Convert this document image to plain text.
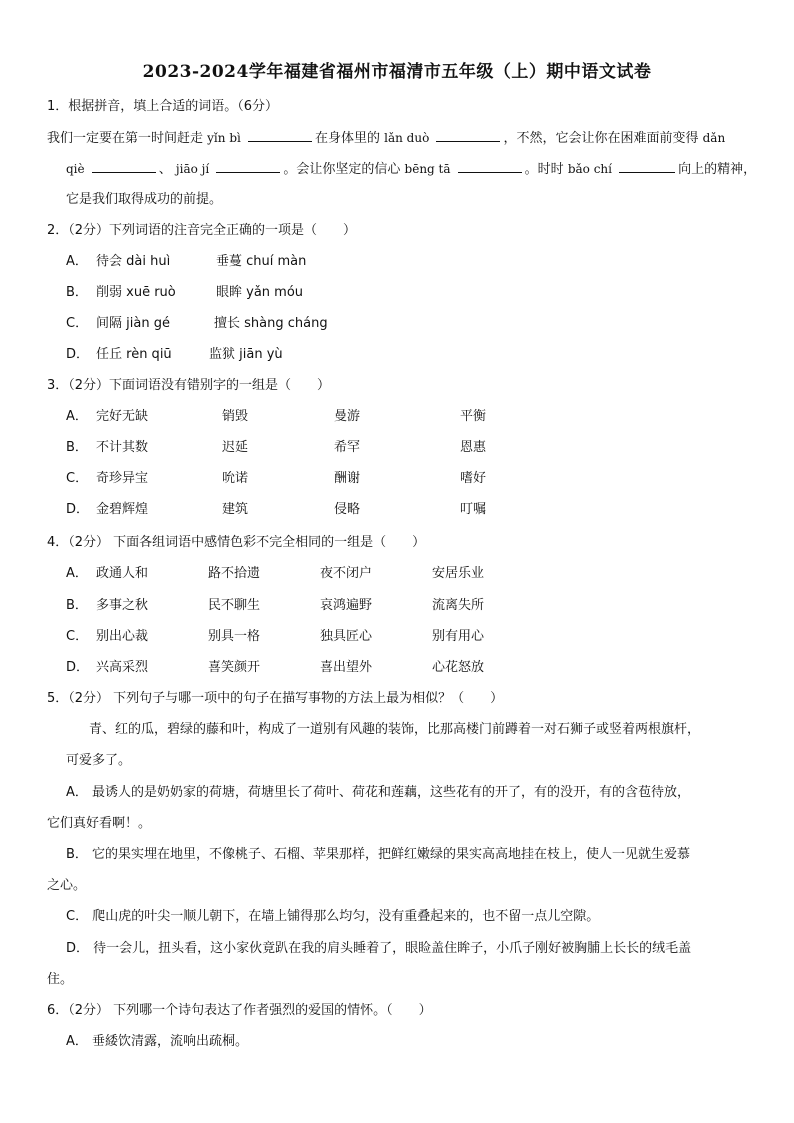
2023-2024学年福建省福州市福清市五年级（上）期中语文试卷
1．根据拼音，填上合适的词语。（6分）
我们一定要在第一时间赶走 yǐn bì	在身体里的 lǎn duò	，不然，它会让你在困难面前变得 dǎn
qiè	、 jiāo jí	。会让你坚定的信心 bēng tā	。时时 bǎo chí	向上的精神，
它是我们取得成功的前提。
2．（2分）下列词语的注音完全正确的一项是（　　）
A． 待会 dài huì	垂蔓 chuí màn
B． 削弱 xuē ruò	眼眸 yǎn móu
C． 间隔 jiàn gé	擅长 shàng cháng
D． 任丘 rèn qiū	监狱 jiān yù
3．（2分）下面词语没有错别字的一组是（　　）
A． 完好无缺	销毁	曼游	平衡
B． 不计其数	迟延	希罕	恩惠
C． 奇珍异宝	吮诺	酬谢	嗜好
D． 金碧辉煌	建筑	侵略	叮嘱
4．（2分） 下面各组词语中感情色彩不完全相同的一组是（　　）
A． 政通人和	路不拾遗	夜不闭户	安居乐业
B． 多事之秋	民不聊生	哀鸿遍野	流离失所
C． 别出心裁	别具一格	独具匠心	别有用心
D． 兴高采烈	喜笑颜开	喜出望外	心花怒放
5．（2分） 下列句子与哪一项中的句子在描写事物的方法上最为相似？（　　）
青、红的瓜，碧绿的藤和叶，构成了一道别有风趣的装饰，比那高楼门前蹲着一对石狮子或竖着两根旗杆，
可爱多了。
A． 最诱人的是奶奶家的荷塘，荷塘里长了荷叶、荷花和莲藕，这些花有的开了，有的没开，有的含苞待放，
它们真好看啊！。
B． 它的果实埋在地里，不像桃子、石榴、苹果那样，把鲜红嫩绿的果实高高地挂在枝上，使人一见就生爱慕
之心。
C． 爬山虎的叶尖一顺儿朝下，在墙上铺得那么均匀，没有重叠起来的，也不留一点儿空隙。
D． 待一会儿，扭头看，这小家伙竟趴在我的肩头睡着了，眼睑盖住眸子，小爪子刚好被胸脯上长长的绒毛盖
住。
6．（2分） 下列哪一个诗句表达了作者强烈的爱国的情怀。（　　）
A． 垂緌饮清露，流响出疏桐。
